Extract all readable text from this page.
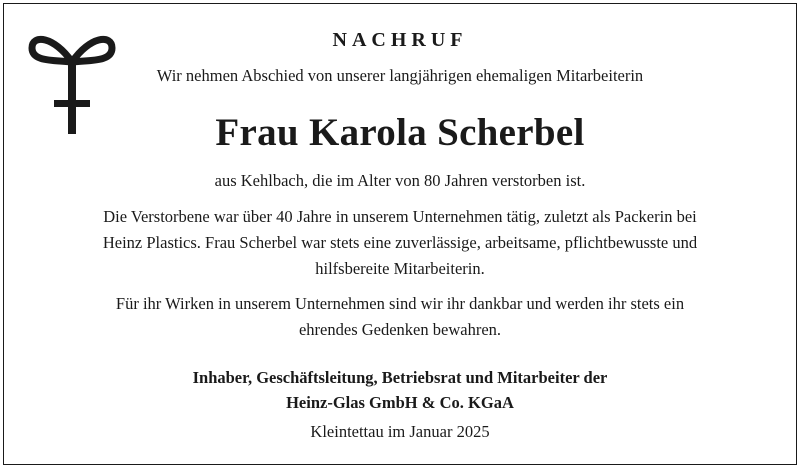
NACHRUF
Wir nehmen Abschied von unserer langjährigen ehemaligen Mitarbeiterin
Frau Karola Scherbel
aus Kehlbach, die im Alter von 80 Jahren verstorben ist.
Die Verstorbene war über 40 Jahre in unserem Unternehmen tätig, zuletzt als Packerin bei
Heinz Plastics. Frau Scherbel war stets eine zuverlässige, arbeitsame, pflichtbewusste und
hilfsbereite Mitarbeiterin.
Für ihr Wirken in unserem Unternehmen sind wir ihr dankbar und werden ihr stets ein
ehrendes Gedenken bewahren.
Inhaber, Geschäftsleitung, Betriebsrat und Mitarbeiter der
Heinz-Glas GmbH & Co. KGaA
Kleintettau im Januar 2025
